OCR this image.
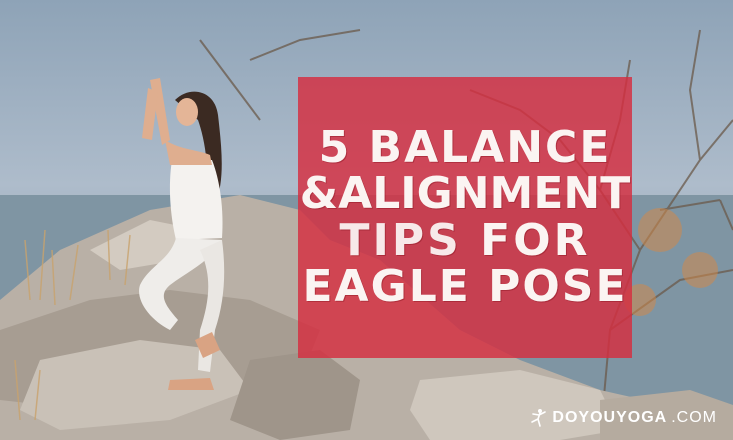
5 BALANCE
&ALIGNMENT
TIPS FOR
EAGLE POSE
DOYOUYOGA .COM
